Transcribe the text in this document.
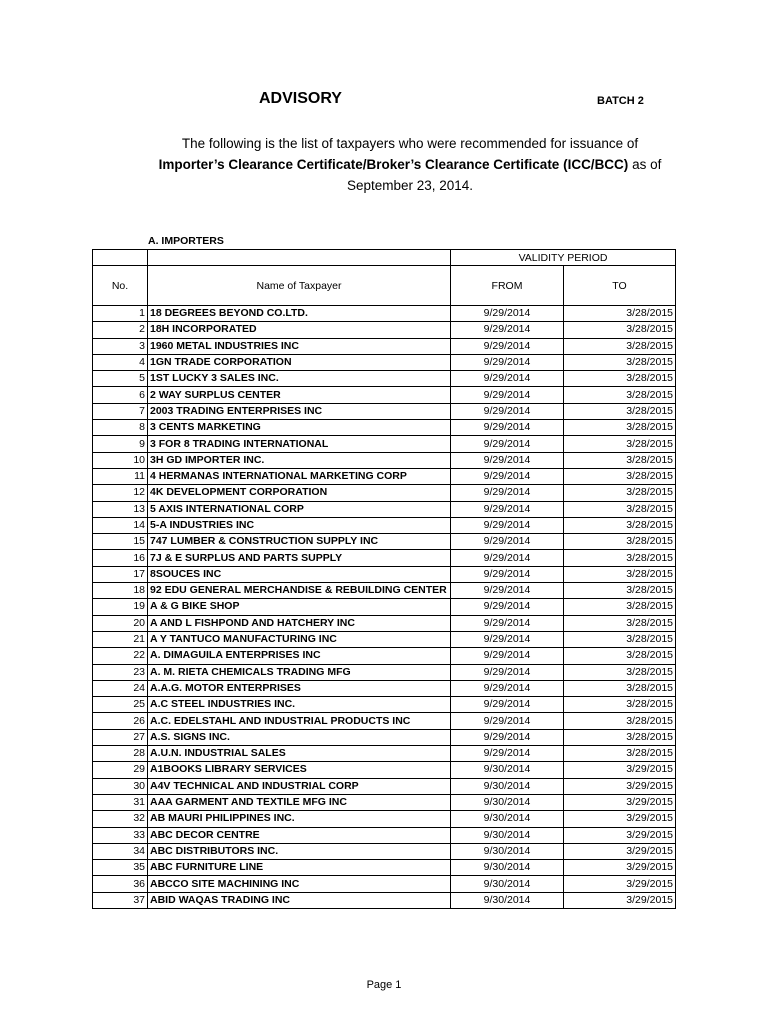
ADVISORY	BATCH 2
The following is the list of taxpayers who were recommended for issuance of
Importer’s Clearance Certificate/Broker’s Clearance Certificate (ICC/BCC) as of
September 23, 2014.
A. IMPORTERS
		VALIDITY PERIOD	
No.	Name of Taxpayer	FROM	TO
1	18 DEGREES BEYOND CO.LTD.	9/29/2014	3/28/2015
2	18H INCORPORATED	9/29/2014	3/28/2015
3	1960 METAL INDUSTRIES INC	9/29/2014	3/28/2015
4	1GN TRADE CORPORATION	9/29/2014	3/28/2015
5	1ST LUCKY 3 SALES INC.	9/29/2014	3/28/2015
6	2 WAY SURPLUS CENTER	9/29/2014	3/28/2015
7	2003 TRADING ENTERPRISES INC	9/29/2014	3/28/2015
8	3 CENTS MARKETING	9/29/2014	3/28/2015
9	3 FOR 8 TRADING INTERNATIONAL	9/29/2014	3/28/2015
10	3H GD IMPORTER INC.	9/29/2014	3/28/2015
11	4 HERMANAS INTERNATIONAL MARKETING CORP	9/29/2014	3/28/2015
12	4K DEVELOPMENT CORPORATION	9/29/2014	3/28/2015
13	5 AXIS INTERNATIONAL CORP	9/29/2014	3/28/2015
14	5-A INDUSTRIES INC	9/29/2014	3/28/2015
15	747 LUMBER & CONSTRUCTION SUPPLY INC	9/29/2014	3/28/2015
16	7J & E SURPLUS AND PARTS SUPPLY	9/29/2014	3/28/2015
17	8SOUCES INC	9/29/2014	3/28/2015
18	92 EDU GENERAL MERCHANDISE & REBUILDING CENTER	9/29/2014	3/28/2015
19	A & G BIKE SHOP	9/29/2014	3/28/2015
20	A AND L FISHPOND AND HATCHERY INC	9/29/2014	3/28/2015
21	A Y TANTUCO MANUFACTURING INC	9/29/2014	3/28/2015
22	A. DIMAGUILA ENTERPRISES INC	9/29/2014	3/28/2015
23	A. M. RIETA CHEMICALS TRADING MFG	9/29/2014	3/28/2015
24	A.A.G. MOTOR ENTERPRISES	9/29/2014	3/28/2015
25	A.C STEEL INDUSTRIES INC.	9/29/2014	3/28/2015
26	A.C. EDELSTAHL AND INDUSTRIAL PRODUCTS INC	9/29/2014	3/28/2015
27	A.S. SIGNS INC.	9/29/2014	3/28/2015
28	A.U.N. INDUSTRIAL SALES	9/29/2014	3/28/2015
29	A1BOOKS LIBRARY SERVICES	9/30/2014	3/29/2015
30	A4V TECHNICAL AND INDUSTRIAL CORP	9/30/2014	3/29/2015
31	AAA GARMENT AND TEXTILE MFG INC	9/30/2014	3/29/2015
32	AB MAURI PHILIPPINES INC.	9/30/2014	3/29/2015
33	ABC DECOR CENTRE	9/30/2014	3/29/2015
34	ABC DISTRIBUTORS INC.	9/30/2014	3/29/2015
35	ABC FURNITURE LINE	9/30/2014	3/29/2015
36	ABCCO SITE MACHINING INC	9/30/2014	3/29/2015
37	ABID WAQAS TRADING INC	9/30/2014	3/29/2015
Page 1
